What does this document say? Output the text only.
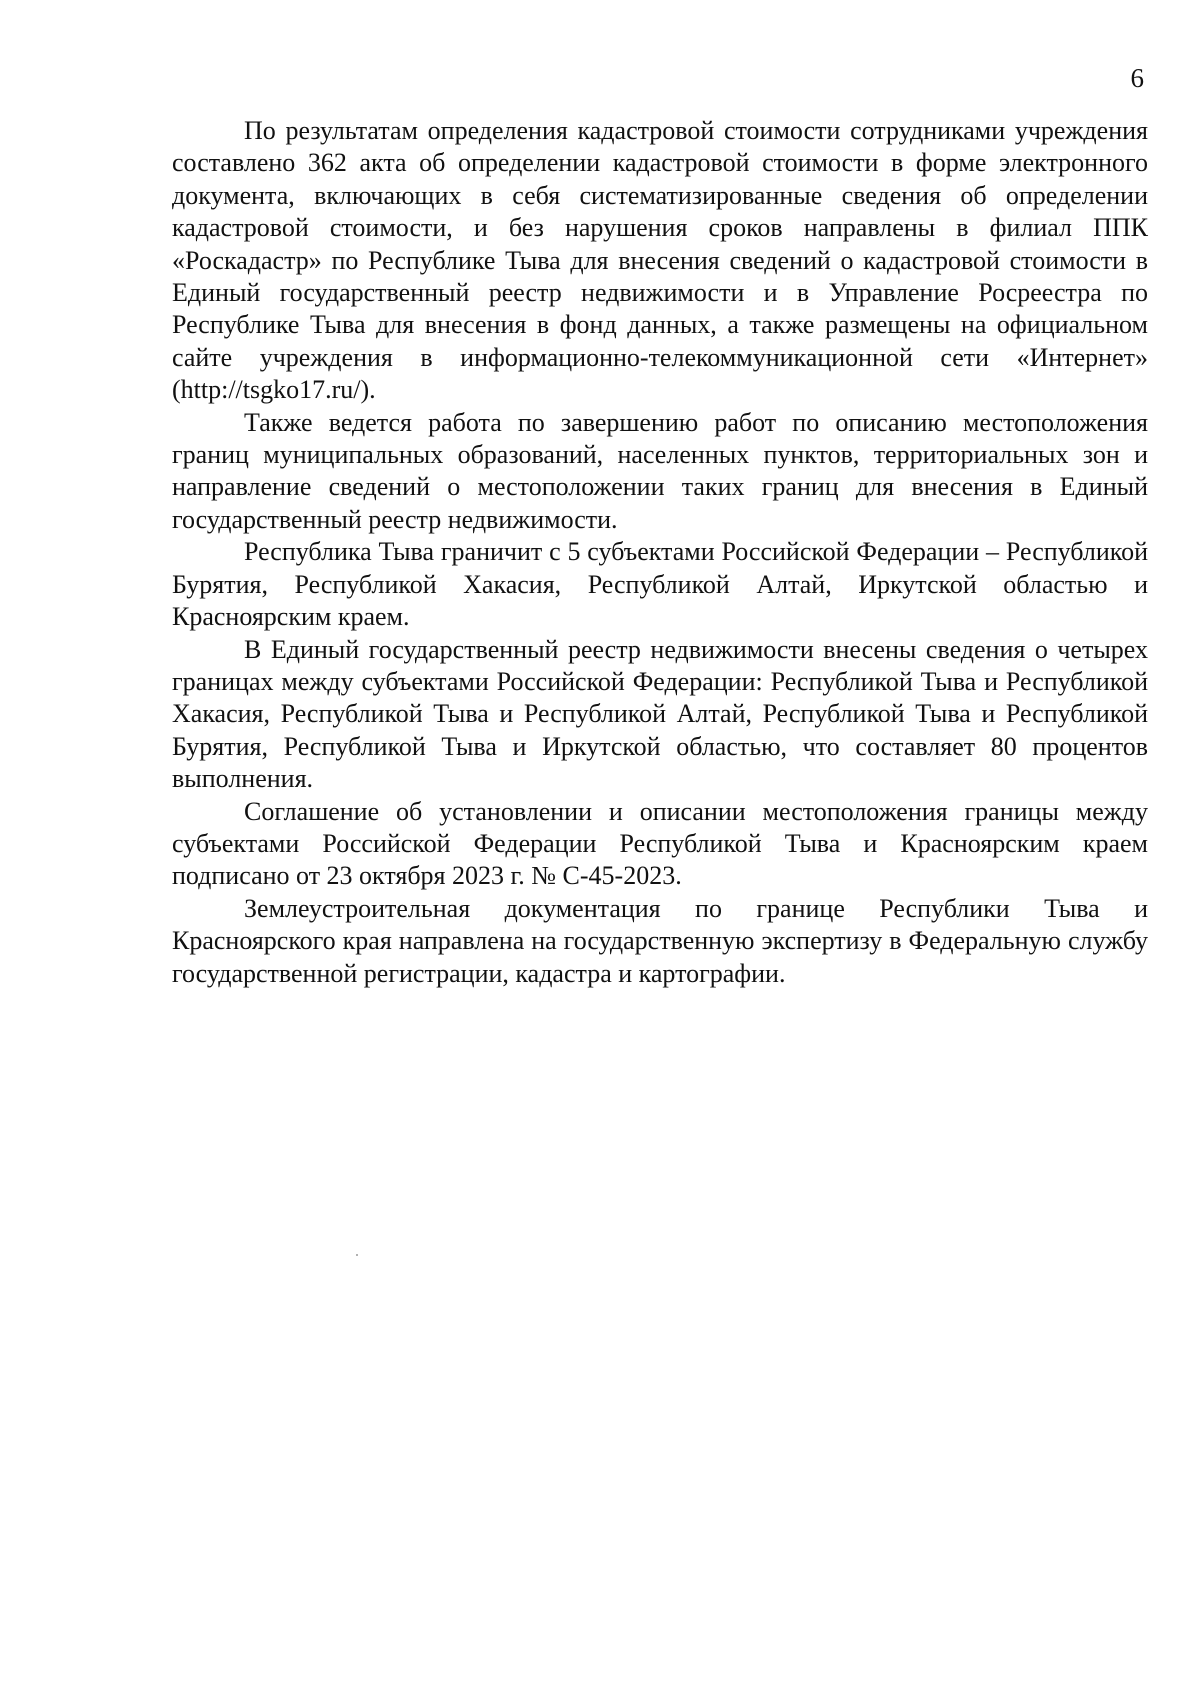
6

По результатам определения кадастровой стоимости сотрудниками учреждения составлено 362 акта об определении кадастровой стоимости в форме электронного документа, включающих в себя систематизированные сведения об определении кадастровой стоимости, и без нарушения сроков направлены в филиал ППК «Роскадастр» по Республике Тыва для внесения сведений о кадастровой стоимости в Единый государственный реестр недвижимости и в Управление Росреестра по Республике Тыва для внесения в фонд данных, а также размещены на официальном сайте учреждения в информационно-телекоммуникационной сети «Интернет» (http://tsgko17.ru/).

Также ведется работа по завершению работ по описанию местоположения границ муниципальных образований, населенных пунктов, территориальных зон и направление сведений о местоположении таких границ для внесения в Единый государственный реестр недвижимости.

Республика Тыва граничит с 5 субъектами Российской Федерации – Республикой Бурятия, Республикой Хакасия, Республикой Алтай, Иркутской областью и Красноярским краем.

В Единый государственный реестр недвижимости внесены сведения о четырех границах между субъектами Российской Федерации: Республикой Тыва и Республикой Хакасия, Республикой Тыва и Республикой Алтай, Республикой Тыва и Республикой Бурятия, Республикой Тыва и Иркутской областью, что составляет 80 процентов выполнения.

Соглашение об установлении и описании местоположения границы между субъектами Российской Федерации Республикой Тыва и Красноярским краем подписано от 23 октября 2023 г. № С-45-2023.

Землеустроительная документация по границе Республики Тыва и Красноярского края направлена на государственную экспертизу в Федеральную службу государственной регистрации, кадастра и картографии.
